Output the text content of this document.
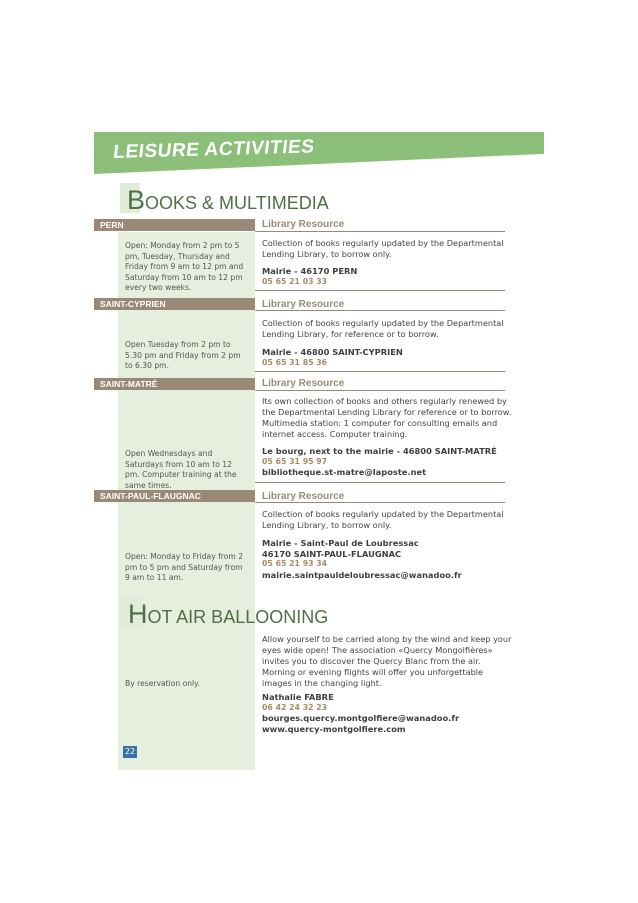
LEISURE ACTIVITIES
BOOKS & MULTIMEDIA
PERN	Library Resource
Open: Monday from 2 pm to 5 pm, Tuesday, Thursday and Friday from 9 am to 12 pm and Saturday from 10 am to 12 pm every two weeks.
Collection of books regularly updated by the Departmental Lending Library, to borrow only.
Mairie - 46170 PERN
05 65 21 03 33
SAINT-CYPRIEN	Library Resource
Open Tuesday from 2 pm to 5.30 pm and Friday from 2 pm to 6.30 pm.
Collection of books regularly updated by the Departmental Lending Library, for reference or to borrow.
Mairie - 46800 SAINT-CYPRIEN
05 65 31 85 36
SAINT-MATRÉ	Library Resource
Open Wednesdays and Saturdays from 10 am to 12 pm. Computer training at the same times.
Its own collection of books and others regularly renewed by the Departmental Lending Library for reference or to borrow. Multimedia station: 1 computer for consulting emails and internet access. Computer training.
Le bourg, next to the mairie - 46800 SAINT-MATRÉ
05 65 31 95 97
bibliotheque.st-matre@laposte.net
SAINT-PAUL-FLAUGNAC	Library Resource
Open: Monday to Friday from 2 pm to 5 pm and Saturday from 9 am to 11 am.
Collection of books regularly updated by the Departmental Lending Library, to borrow only.
Mairie - Saint-Paul de Loubressac
46170 SAINT-PAUL-FLAUGNAC
05 65 21 93 34
mairie.saintpauldeloubressac@wanadoo.fr
HOT AIR BALLOONING
By reservation only.
Allow yourself to be carried along by the wind and keep your eyes wide open! The association «Quercy Mongolfières» invites you to discover the Quercy Blanc from the air. Morning or evening flights will offer you unforgettable images in the changing light.
Nathalie FABRE
06 42 24 32 23
bourges.quercy.montgolfiere@wanadoo.fr
www.quercy-montgolfiere.com
22
